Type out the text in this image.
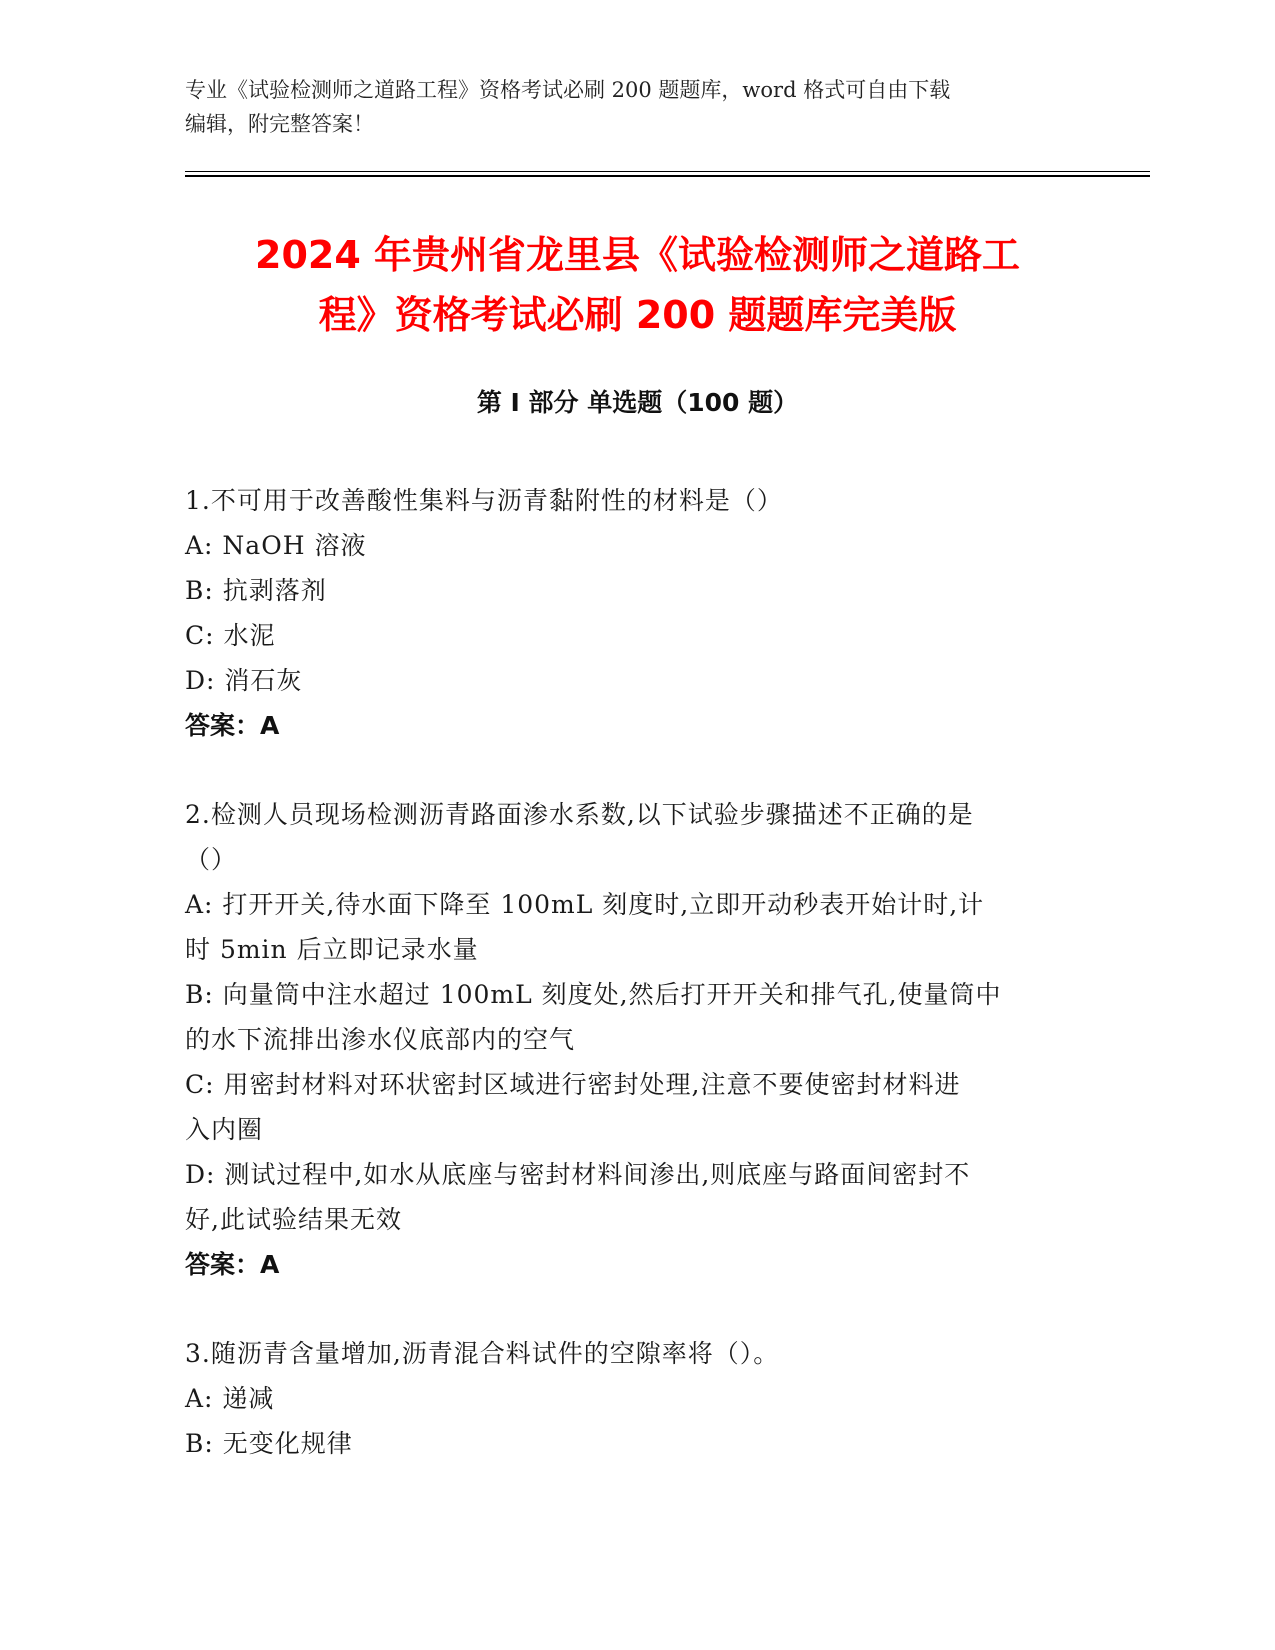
专业《试验检测师之道路工程》资格考试必刷 200 题题库，word 格式可自由下载
编辑，附完整答案！
2024 年贵州省龙里县《试验检测师之道路工
程》资格考试必刷 200 题题库完美版
第 I 部分 单选题（100 题）
1.不可用于改善酸性集料与沥青黏附性的材料是（）
A: NaOH 溶液
B: 抗剥落剂
C: 水泥
D: 消石灰
答案：A
2.检测人员现场检测沥青路面渗水系数,以下试验步骤描述不正确的是
（）
A: 打开开关,待水面下降至 100mL 刻度时,立即开动秒表开始计时,计
时 5min 后立即记录水量
B: 向量筒中注水超过 100mL 刻度处,然后打开开关和排气孔,使量筒中
的水下流排出渗水仪底部内的空气
C: 用密封材料对环状密封区域进行密封处理,注意不要使密封材料进
入内圈
D: 测试过程中,如水从底座与密封材料间渗出,则底座与路面间密封不
好,此试验结果无效
答案：A
3.随沥青含量增加,沥青混合料试件的空隙率将（）。
A: 递减
B: 无变化规律
